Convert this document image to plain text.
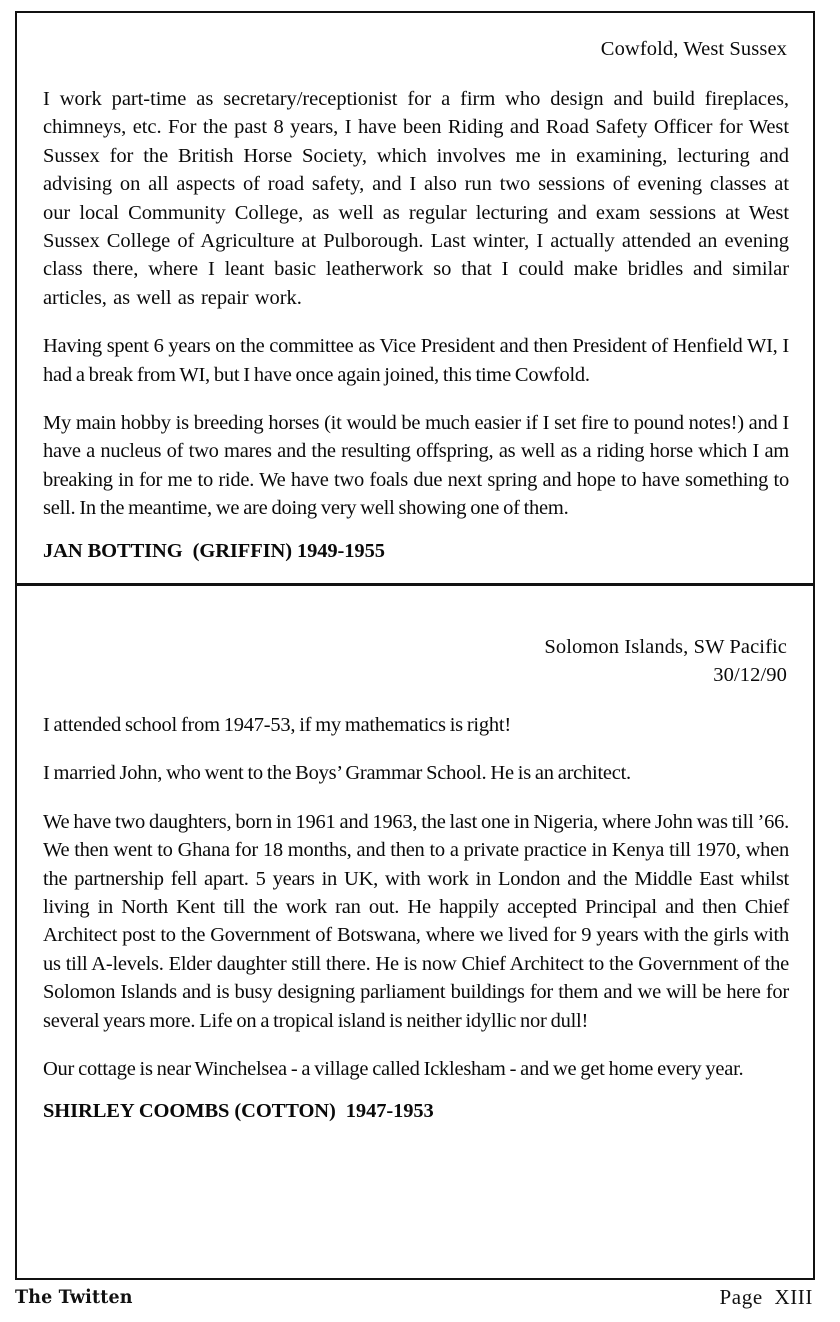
Cowfold, West Sussex

I work part-time as secretary/receptionist for a firm who design and build fireplaces, chimneys, etc. For the past 8 years, I have been Riding and Road Safety Officer for West Sussex for the British Horse Society, which involves me in examining, lecturing and advising on all aspects of road safety, and I also run two sessions of evening classes at our local Community College, as well as regular lecturing and exam sessions at West Sussex College of Agriculture at Pulborough. Last winter, I actually attended an evening class there, where I leant basic leatherwork so that I could make bridles and similar articles, as well as repair work.

Having spent 6 years on the committee as Vice President and then President of Henfield WI, I had a break from WI, but I have once again joined, this time Cowfold.

My main hobby is breeding horses (it would be much easier if I set fire to pound notes!) and I have a nucleus of two mares and the resulting offspring, as well as a riding horse which I am breaking in for me to ride. We have two foals due next spring and hope to have something to sell. In the meantime, we are doing very well showing one of them.

JAN BOTTING  (GRIFFIN) 1949-1955

Solomon Islands, SW Pacific
30/12/90

I attended school from 1947-53, if my mathematics is right!

I married John, who went to the Boys’ Grammar School. He is an architect.

We have two daughters, born in 1961 and 1963, the last one in Nigeria, where John was till ’66. We then went to Ghana for 18 months, and then to a private practice in Kenya till 1970, when the partnership fell apart. 5 years in UK, with work in London and the Middle East whilst living in North Kent till the work ran out. He happily accepted Principal and then Chief Architect post to the Government of Botswana, where we lived for 9 years with the girls with us till A-levels. Elder daughter still there. He is now Chief Architect to the Government of the Solomon Islands and is busy designing parliament buildings for them and we will be here for several years more. Life on a tropical island is neither idyllic nor dull!

Our cottage is near Winchelsea - a village called Icklesham - and we get home every year.

SHIRLEY COOMBS (COTTON)  1947-1953

The Twitten	Page  XIII
